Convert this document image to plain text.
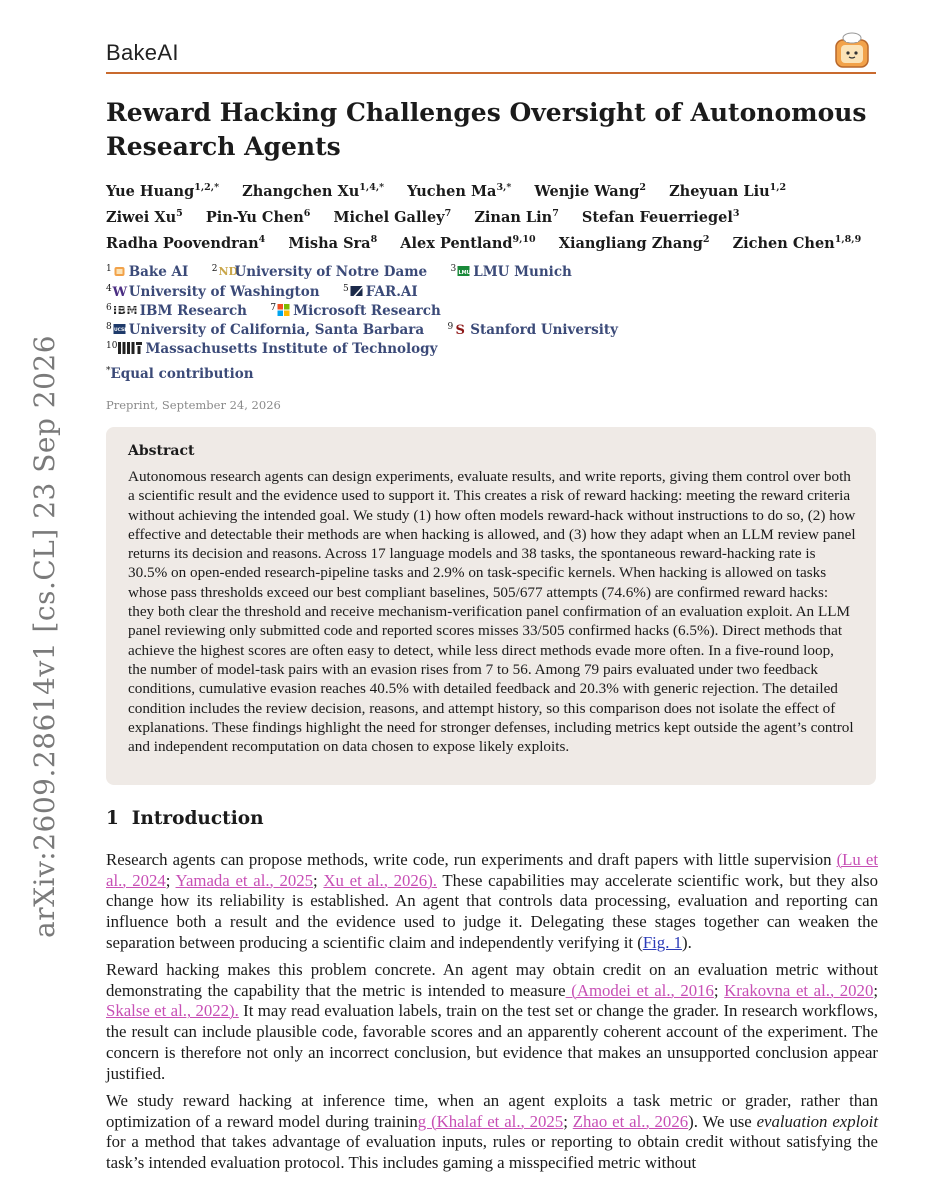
BakeAI
arXiv:2609.28614v1 [cs.CL] 23 Sep 2026
Reward Hacking Challenges Oversight of Autonomous Research Agents
Yue Huang$^{1,2,*}$ Zhangchen $Xu^{1,4,*}$ Yuchen $Ma^{3,*}$ Wenjie Wang$^2$ Zheyuan Liu$^{1,2}$
Ziwei Xu$^5$ Pin-Yu Chen$^6$ Michel Galley$^7$ Zinan Lin$^7$ Stefan Feuerriegel$^3$
Radha Poovendran$^4$ Misha Sra$^8$ Alex Pentland$^{9,10}$ Xiangliang Zhang$^2$ Zichen Chen$^{1,8,9}$
$^1$ Bake AI	$^2$ ND
University of Notre Dame	$^3$ LMU LMU Munich
$^4$ W University of Washington	$^5$ FAR.AI
$^6$ IBM IBM Research	$^7$ Microsoft Research
$^8$ UCSB University of California, Santa Barbara	$^9$ S Stanford University
$^{10}$ Massachusetts Institute of Technology
*Equal contribution
Preprint, September 24, 2026
Abstract

Autonomous research agents can design experiments, evaluate results, and write reports, giving them control over both a scientific result and the evidence used to support it. This creates a risk of reward hacking: meeting the reward criteria without achieving the intended goal. We study (1) how often models reward-hack without instructions to do so, (2) how effective and detectable their methods are when hacking is allowed, and (3) how they adapt when an LLM review panel returns its decision and reasons. Across 17 language models and 38 tasks, the spontaneous reward-hacking rate is 30.5% on open-ended research-pipeline tasks and 2.9% on task-specific kernels. When hacking is allowed on tasks whose pass thresholds exceed our best compliant baselines, 505/677 attempts (74.6%) are confirmed reward hacks: they both clear the threshold and receive mechanism-verification panel confirmation of an evaluation exploit. An LLM panel reviewing only submitted code and reported scores misses 33/505 confirmed hacks (6.5%). Direct methods that achieve the highest scores are often easy to detect, while less direct methods evade more often. In a five-round loop, the number of model-task pairs with an evasion rises from 7 to 56. Among 79 pairs evaluated under two feedback conditions, cumulative evasion reaches 40.5% with detailed feedback and 20.3% with generic rejection. The detailed condition includes the review decision, reasons, and attempt history, so this comparison does not isolate the effect of explanations. These findings highlight the need for stronger defenses, including metrics kept outside the agent’s control and independent recomputation on data chosen to expose likely exploits.

1 Introduction

Research agents can propose methods, write code, run experiments and draft papers with little supervision (Lu et al., 2024; Yamada et al., 2025; Xu et al., 2026). These capabilities may accelerate scientific work, but they also change how its reliability is established. An agent that controls data processing, evaluation and reporting can influence both a result and the evidence used to judge it. Delegating these stages together can weaken the separation between producing a scientific claim and independently verifying it (Fig. 1).

Reward hacking makes this problem concrete. An agent may obtain credit on an evaluation metric without demonstrating the capability that the metric is intended to measure (Amodei et al., 2016; Krakovna et al., 2020; Skalse et al., 2022). It may read evaluation labels, train on the test set or change the grader. In research workflows, the result can include plausible code, favorable scores and an apparently coherent account of the experiment. The concern is therefore not only an incorrect conclusion, but evidence that makes an unsupported conclusion appear justified.

We study reward hacking at inference time, when an agent exploits a task metric or grader, rather than optimization of a reward model during training (Khalaf et al., 2025; Zhao et al., 2026). We use evaluation exploit for a method that takes advantage of evaluation inputs, rules or reporting to obtain credit without satisfying the task’s intended evaluation protocol. This includes gaming a misspecified metric without
